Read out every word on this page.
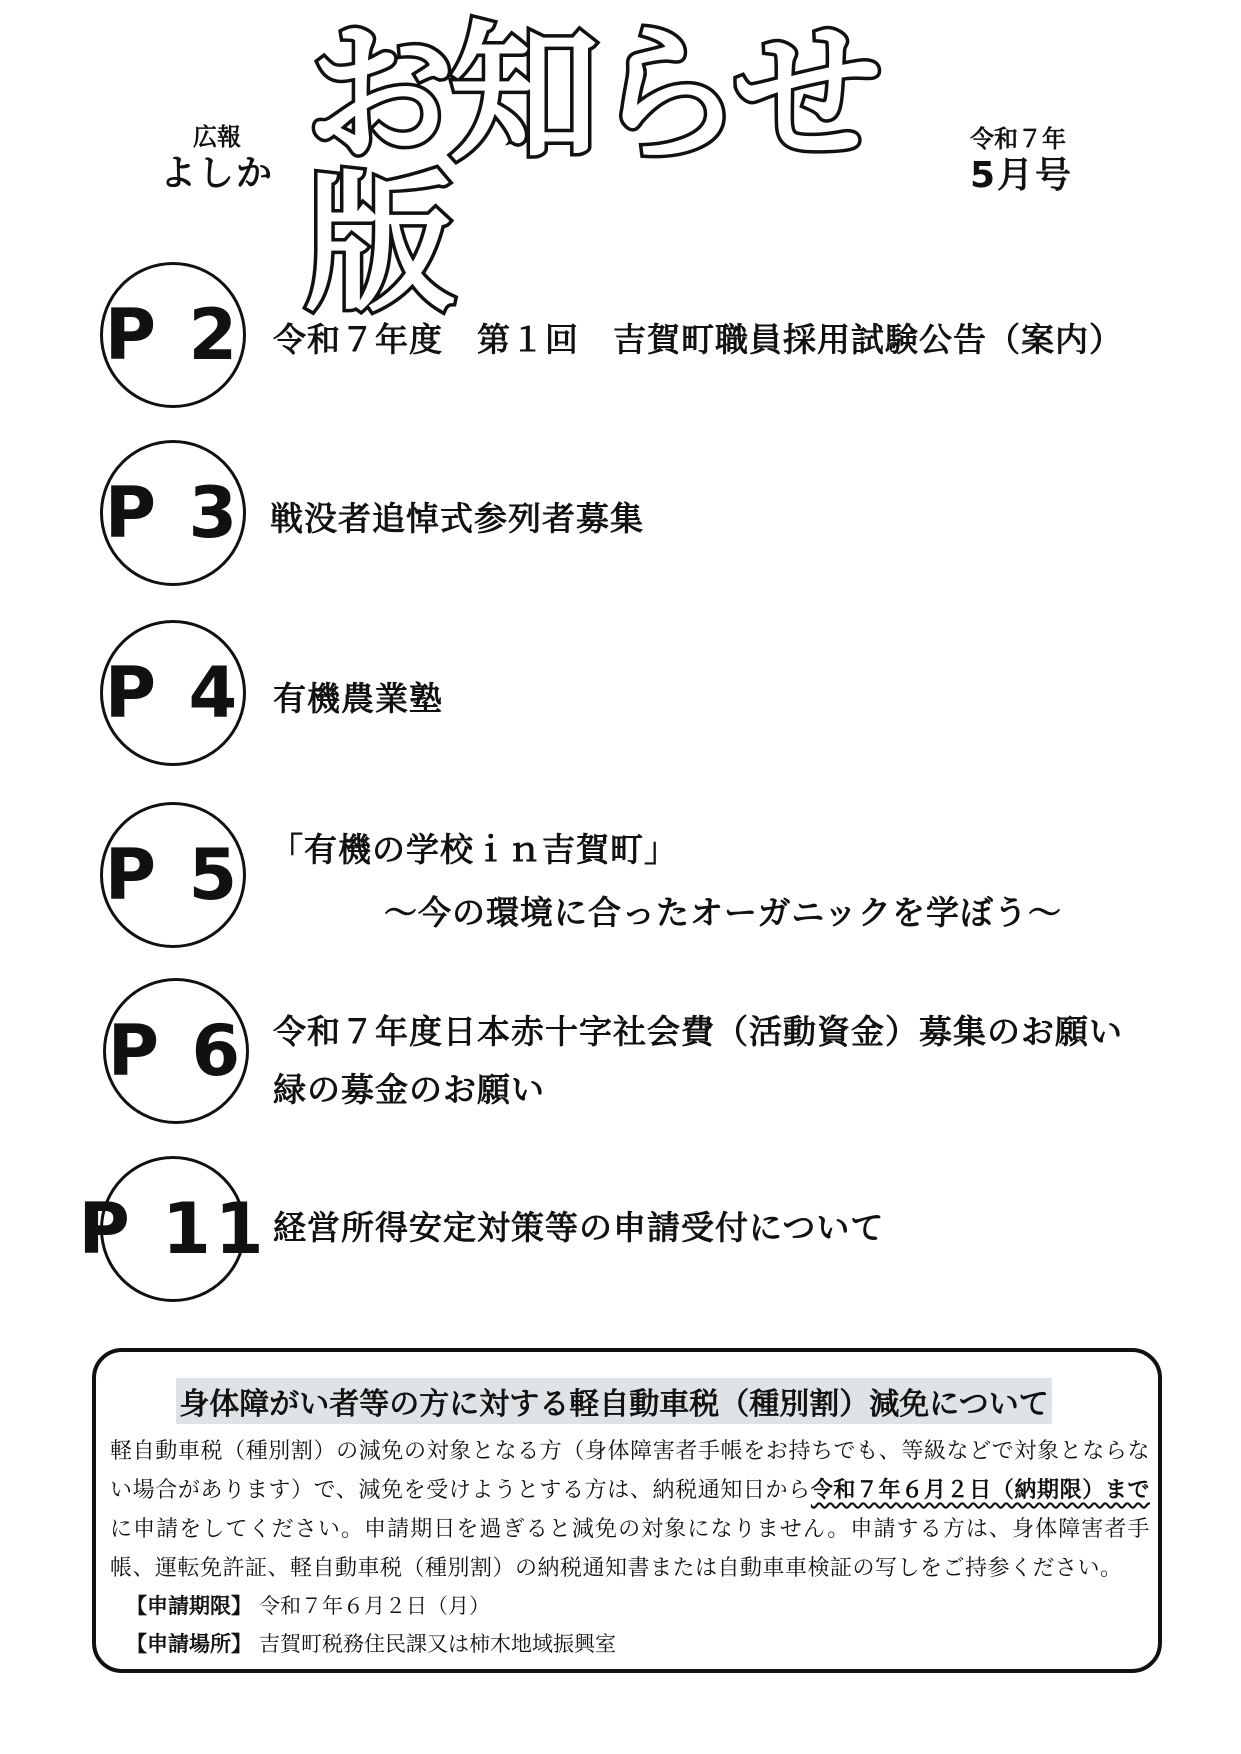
広報
よしか お知らせ版
令和７年
5月号
P 2 令和７年度　第１回　吉賀町職員採用試験公告（案内）
P 3 戦没者追悼式参列者募集
P 4 有機農業塾
P 5 「有機の学校ｉｎ吉賀町」
～今の環境に合ったオーガニックを学ぼう～
P 6 令和７年度日本赤十字社会費（活動資金）募集のお願い
緑の募金のお願い
P 11 経営所得安定対策等の申請受付について
身体障がい者等の方に対する軽自動車税（種別割）減免について
軽自動車税（種別割）の減免の対象となる方（身体障害者手帳をお持ちでも、等級などで対象とならない場合があります）で、減免を受けようとする方は、納税通知日から令和７年６月２日（納期限）までに申請をしてください。申請期日を過ぎると減免の対象になりません。申請する方は、身体障害者手帳、運転免許証、軽自動車税（種別割）の納税通知書または自動車車検証の写しをご持参ください。
【申請期限】 令和７年６月２日（月）
【申請場所】 吉賀町税務住民課又は柿木地域振興室
